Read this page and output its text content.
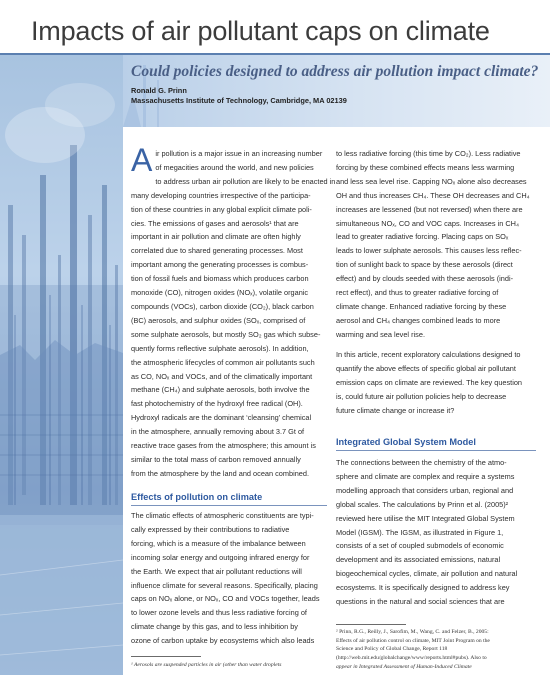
Impacts of air pollutant caps on climate
Could policies designed to address air pollution impact climate?
Ronald G. Prinn
Massachusetts Institute of Technology, Cambridge, MA 02139
A ir pollution is a major issue in an increasing number

of megacities around the world, and new policies

to address urban air pollution are likely to be enacted in

many developing countries irrespective of the participa-

tion of these countries in any global explicit climate poli-

cies. The emissions of gases and aerosols¹ that are

important in air pollution and climate are often highly

correlated due to shared generating processes. Most

important among the generating processes is combus-

tion of fossil fuels and biomass which produces carbon

monoxide (CO), nitrogen oxides (NOₓ), volatile organic

compounds (VOCs), carbon dioxide (CO₂), black carbon

(BC) aerosols, and sulphur oxides (SOₓ, comprised of

some sulphate aerosols, but mostly SO₂ gas which subse-

quently forms reflective sulphate aerosols). In addition,

the atmospheric lifecycles of common air pollutants such

as CO, NOₓ and VOCs, and of the climatically important

methane (CH₄) and sulphate aerosols, both involve the

fast photochemistry of the hydroxyl free radical (OH).

Hydroxyl radicals are the dominant ‘cleansing’ chemical

in the atmosphere, annually removing about 3.7 Gt of

reactive trace gases from the atmosphere; this amount is

similar to the total mass of carbon removed annually

from the atmosphere by the land and ocean combined.

Effects of pollution on climate

The climatic effects of atmospheric constituents are typi-

cally expressed by their contributions to radiative

forcing, which is a measure of the imbalance between

incoming solar energy and outgoing infrared energy for

the Earth. We expect that air pollutant reductions will

influence climate for several reasons. Specifically, placing

caps on NOₓ alone, or NOₓ, CO and VOCs together, leads

to lower ozone levels and thus less radiative forcing of

climate change by this gas, and to less inhibition by

ozone of carbon uptake by ecosystems which also leads

¹ Aerosols are suspended particles in air (other than water droplets

to less radiative forcing (this time by CO₂). Less radiative

forcing by these combined effects means less warming

and less sea level rise. Capping NOₓ alone also decreases

OH and thus increases CH₄. These OH decreases and CH₄

increases are lessened (but not reversed) when there are

simultaneous NOₓ, CO and VOC caps. Increases in CH₄

lead to greater radiative forcing. Placing caps on SOₓ

leads to lower sulphate aerosols. This causes less reflec-

tion of sunlight back to space by these aerosols (direct

effect) and by clouds seeded with these aerosols (indi-

rect effect), and thus to greater radiative forcing of

climate change. Enhanced radiative forcing by these

aerosol and CH₄ changes combined leads to more

warming and sea level rise.

In this article, recent exploratory calculations designed to

quantify the above effects of specific global air pollutant

emission caps on climate are reviewed. The key question

is, could future air pollution policies help to decrease

future climate change or increase it?

Integrated Global System Model

The connections between the chemistry of the atmo-

sphere and climate are complex and require a systems

modelling approach that considers urban, regional and

global scales. The calculations by Prinn et al. (2005)²

reviewed here utilise the MIT Integrated Global System

Model (IGSM). The IGSM, as illustrated in Figure 1,

consists of a set of coupled submodels of economic

development and its associated emissions, natural

biogeochemical cycles, climate, air pollution and natural

ecosystems. It is specifically designed to address key

questions in the natural and social sciences that are

² Prinn, R.G., Reilly, J., Sarofim, M., Wang, C. and Felzer, B., 2005:

Effects of air pollution control on climate, MIT Joint Program on the

Science and Policy of Global Change, Report 118

(http://web.mit.edu/globalchange/www/reports.html#pubs). Also to

appear in Integrated Assessment of Human-Induced Climate
